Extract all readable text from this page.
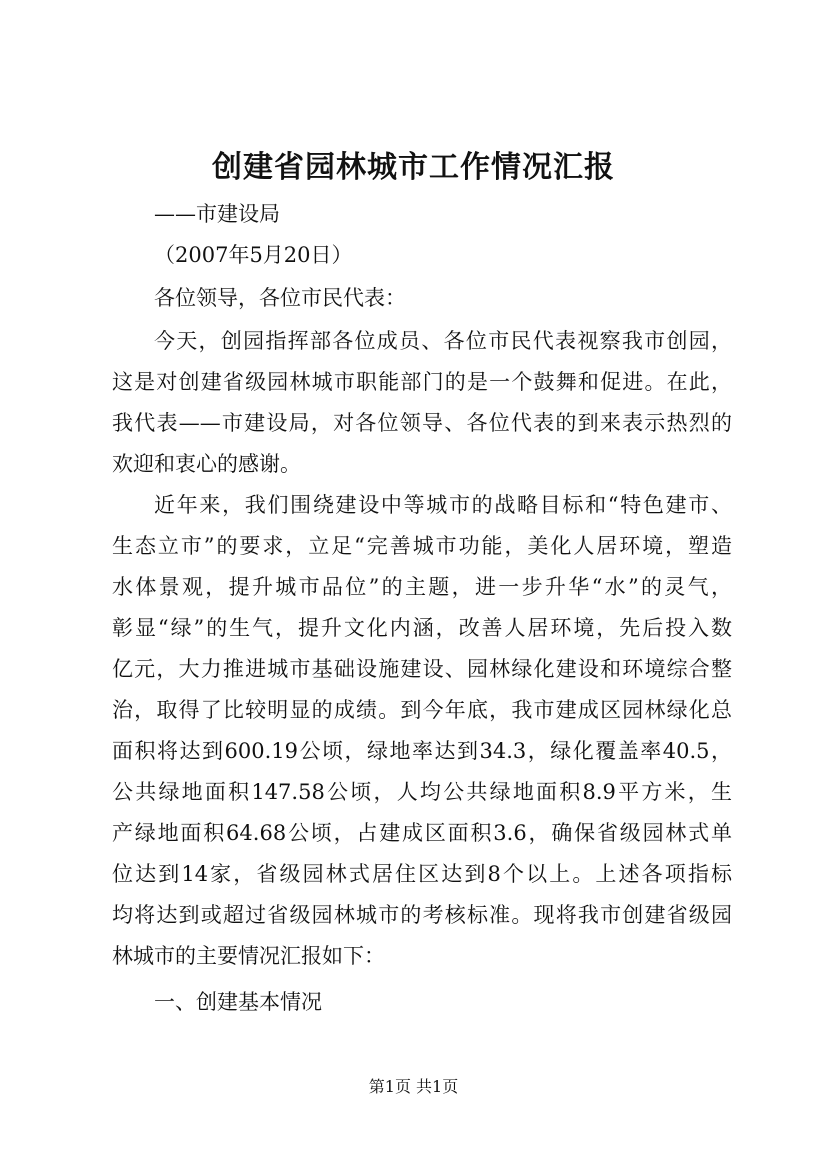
创建省园林城市工作情况汇报

——市建设局

（2007年5月20日）

各位领导，各位市民代表：

今天，创园指挥部各位成员、各位市民代表视察我市创园，

这是对创建省级园林城市职能部门的是一个鼓舞和促进。在此，

我代表——市建设局，对各位领导、各位代表的到来表示热烈的

欢迎和衷心的感谢。

近年来，我们围绕建设中等城市的战略目标和“特色建市、

生态立市”的要求，立足“完善城市功能，美化人居环境，塑造

水体景观，提升城市品位”的主题，进一步升华“水”的灵气，

彰显“绿”的生气，提升文化内涵，改善人居环境，先后投入数

亿元，大力推进城市基础设施建设、园林绿化建设和环境综合整

治，取得了比较明显的成绩。到今年底，我市建成区园林绿化总

面积将达到600.19公顷，绿地率达到34.3，绿化覆盖率40.5，

公共绿地面积147.58公顷，人均公共绿地面积8.9平方米，生

产绿地面积64.68公顷，占建成区面积3.6，确保省级园林式单

位达到14家，省级园林式居住区达到8个以上。上述各项指标

均将达到或超过省级园林城市的考核标准。现将我市创建省级园

林城市的主要情况汇报如下：

一、创建基本情况

第1页 共1页
